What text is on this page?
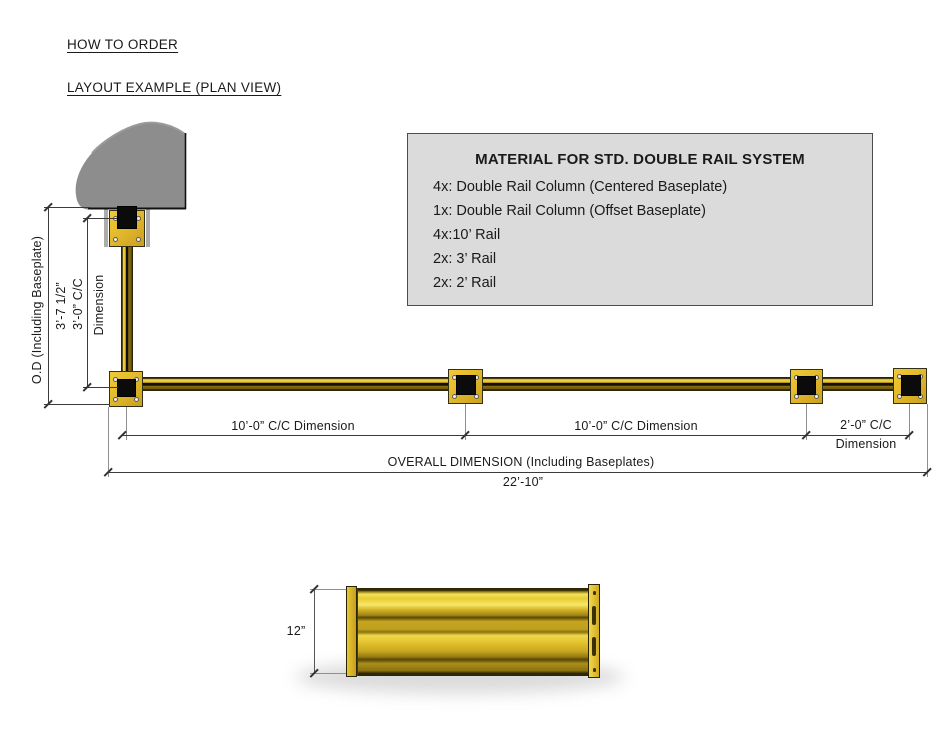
HOW TO ORDER
LAYOUT EXAMPLE (PLAN VIEW)
MATERIAL FOR STD. DOUBLE RAIL SYSTEM
4x: Double Rail Column (Centered Baseplate)
1x: Double Rail Column (Offset Baseplate)
4x:10’ Rail
2x: 3’ Rail
2x: 2’ Rail
O.D (Including Baseplate) 3’-7 1/2” 3’-0” C/C Dimension
10’-0” C/C Dimension	10’-0” C/C Dimension	2’-0” C/C
Dimension
OVERALL DIMENSION (Including Baseplates)
22’-10”
12”
